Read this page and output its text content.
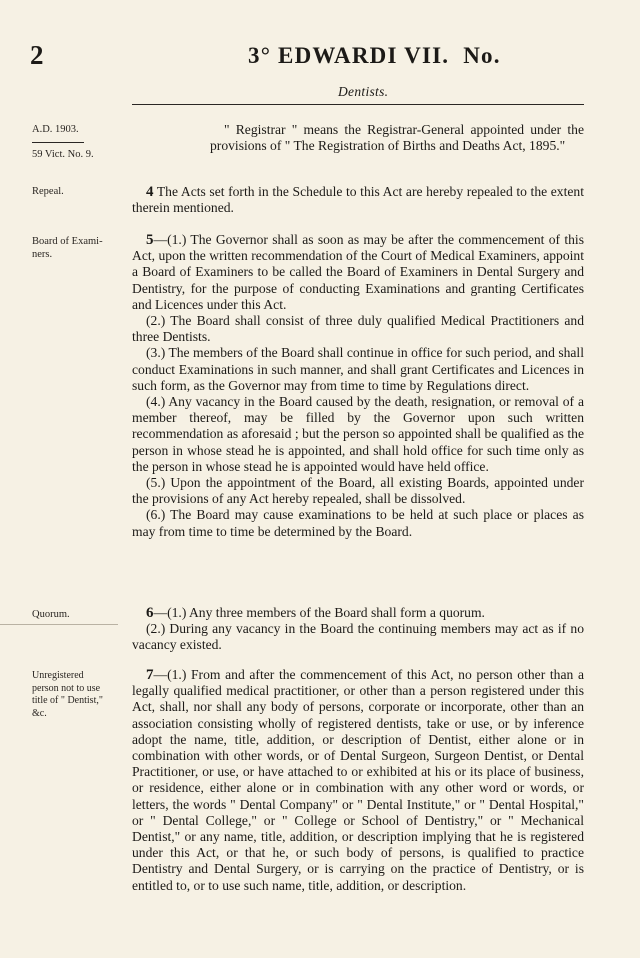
2	3° EDWARDI VII. No.
Dentists.
A.D. 1903.
59 Vict. No. 9.
Repeal.
Board of Exami-
ners.
Quorum.
Unregistered
person not to use
title of " Dentist,"
&c.

" Registrar " means the Registrar-General appointed under the provisions of " The Registration of Births and Deaths Act, 1895."

4 The Acts set forth in the Schedule to this Act are hereby repealed to the extent therein mentioned.

5—(1.) The Governor shall as soon as may be after the commencement of this Act, upon the written recommendation of the Court of Medical Examiners, appoint a Board of Examiners to be called the Board of Examiners in Dental Surgery and Dentistry, for the purpose of conducting Examinations and granting Certificates and Licences under this Act.

(2.) The Board shall consist of three duly qualified Medical Practitioners and three Dentists.

(3.) The members of the Board shall continue in office for such period, and shall conduct Examinations in such manner, and shall grant Certificates and Licences in such form, as the Governor may from time to time by Regulations direct.

(4.) Any vacancy in the Board caused by the death, resignation, or removal of a member thereof, may be filled by the Governor upon such written recommendation as aforesaid ; but the person so appointed shall be qualified as the person in whose stead he is appointed, and shall hold office for such time only as the person in whose stead he is appointed would have held office.

(5.) Upon the appointment of the Board, all existing Boards, appointed under the provisions of any Act hereby repealed, shall be dissolved.

(6.) The Board may cause examinations to be held at such place or places as may from time to time be determined by the Board.

6—(1.) Any three members of the Board shall form a quorum.

(2.) During any vacancy in the Board the continuing members may act as if no vacancy existed.

7—(1.) From and after the commencement of this Act, no person other than a legally qualified medical practitioner, or other than a person registered under this Act, shall, nor shall any body of persons, corporate or incorporate, other than an association consisting wholly of registered dentists, take or use, or by inference adopt the name, title, addition, or description of Dentist, either alone or in combination with other words, or of Dental Surgeon, Surgeon Dentist, or Dental Practitioner, or use, or have attached to or exhibited at his or its place of business, or residence, either alone or in combination with any other word or words, or letters, the words " Dental Company" or " Dental Institute," or " Dental Hospital," or " Dental College," or " College or School of Dentistry," or " Mechanical Dentist," or any name, title, addition, or description implying that he is registered under this Act, or that he, or such body of persons, is qualified to practice Dentistry and Dental Surgery, or is carrying on the practice of Dentistry, or is entitled to, or to use such name, title, addition, or description.
